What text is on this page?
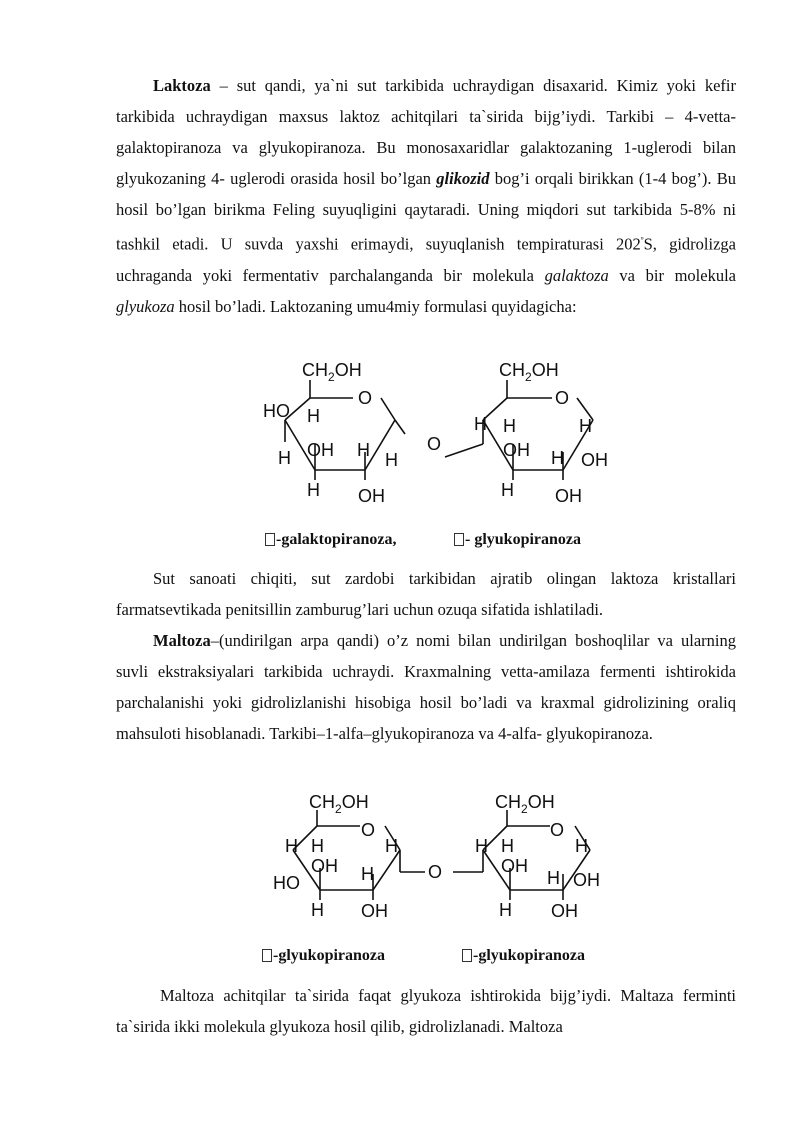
Laktoza – sut qandi, ya`ni sut tarkibida uchraydigan disaxarid. Kimiz yoki kefir tarkibida uchraydigan maxsus laktoz achitqilari ta`sirida bijg’iydi. Tarkibi – 4-vetta-galaktopiranoza va glyukopiranoza. Bu monosaxaridlar galaktozaning 1-uglerodi bilan glyukozaning 4- uglerodi orasida hosil bo’lgan glikozid bog’i orqali birikkan (1-4 bog’). Bu hosil bo’lgan birikma Feling suyuqligini qaytaradi. Uning miqdori sut tarkibida 5-8% ni tashkil etadi. U suvda yaxshi erimaydi, suyuqlanish tempiraturasi $202^ºS$, gidrolizga uchraganda yoki fermentativ parchalanganda bir molekula galaktoza va bir molekula glyukoza hosil bo’ladi. Laktozaning umu4miy formulasi quyidagicha:

$CH_2OH$
O
HO H
OH
H	H H
H OH
O
$CH_2OH$
O
H H	H
OH H OH
H OH
-galaktopiranoza,	- glyukopiranoza

Sut sanoati chiqiti, sut zardobi tarkibidan ajratib olingan laktoza kristallari farmatsevtikada penitsillin zamburug’lari uchun ozuqa sifatida ishlatiladi.

Maltoza–(undirilgan arpa qandi) o’z nomi bilan undirilgan boshoqlilar va ularning suvli ekstraksiyalari tarkibida uchraydi. Kraxmalning vetta-amilaza fermenti ishtirokida parchalanishi yoki gidrolizlanishi hisobiga hosil bo’ladi va kraxmal gidrolizining oraliq mahsuloti hisoblanadi. Tarkibi–1-alfa–glyukopiranoza va 4-alfa- glyukopiranoza.

$CH_2OH$
O
H H	H
OH
HO	H
H OH
O
$CH_2OH$
O
H H	H
OH
H OH
H OH
-glyukopiranoza	-glyukopiranoza

Maltoza achitqilar ta`sirida faqat glyukoza ishtirokida bijg’iydi. Maltaza ferminti ta`sirida ikki molekula glyukoza hosil qilib, gidrolizlanadi. Maltoza
